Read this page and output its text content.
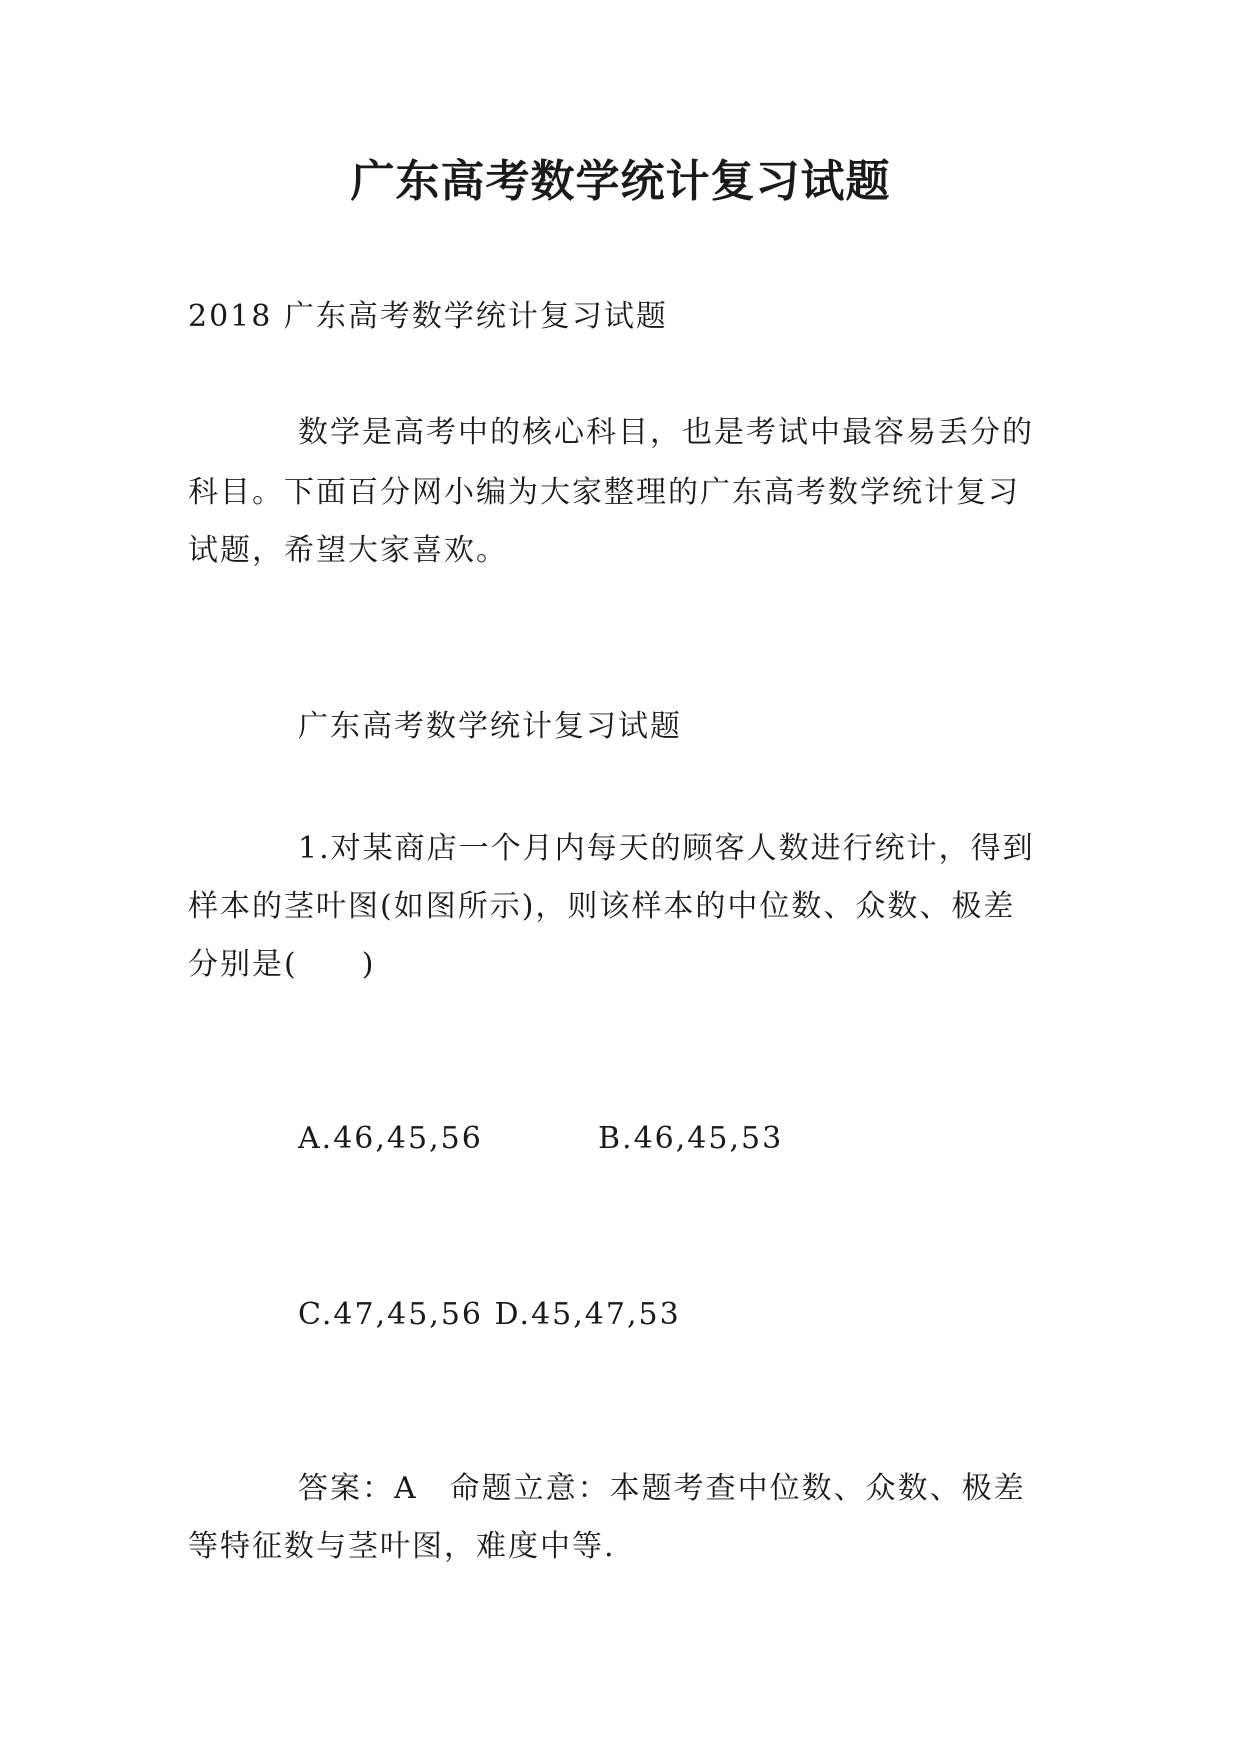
广东高考数学统计复习试题
2018 广东高考数学统计复习试题
数学是高考中的核心科目，也是考试中最容易丢分的
科目。下面百分网小编为大家整理的广东高考数学统计复习
试题，希望大家喜欢。
广东高考数学统计复习试题
1.对某商店一个月内每天的顾客人数进行统计，得到
样本的茎叶图(如图所示)，则该样本的中位数、众数、极差
分别是(　　)
A.46,45,56	B.46,45,53
C.47,45,56 D.45,47,53
答案：A　命题立意：本题考查中位数、众数、极差
等特征数与茎叶图，难度中等.
